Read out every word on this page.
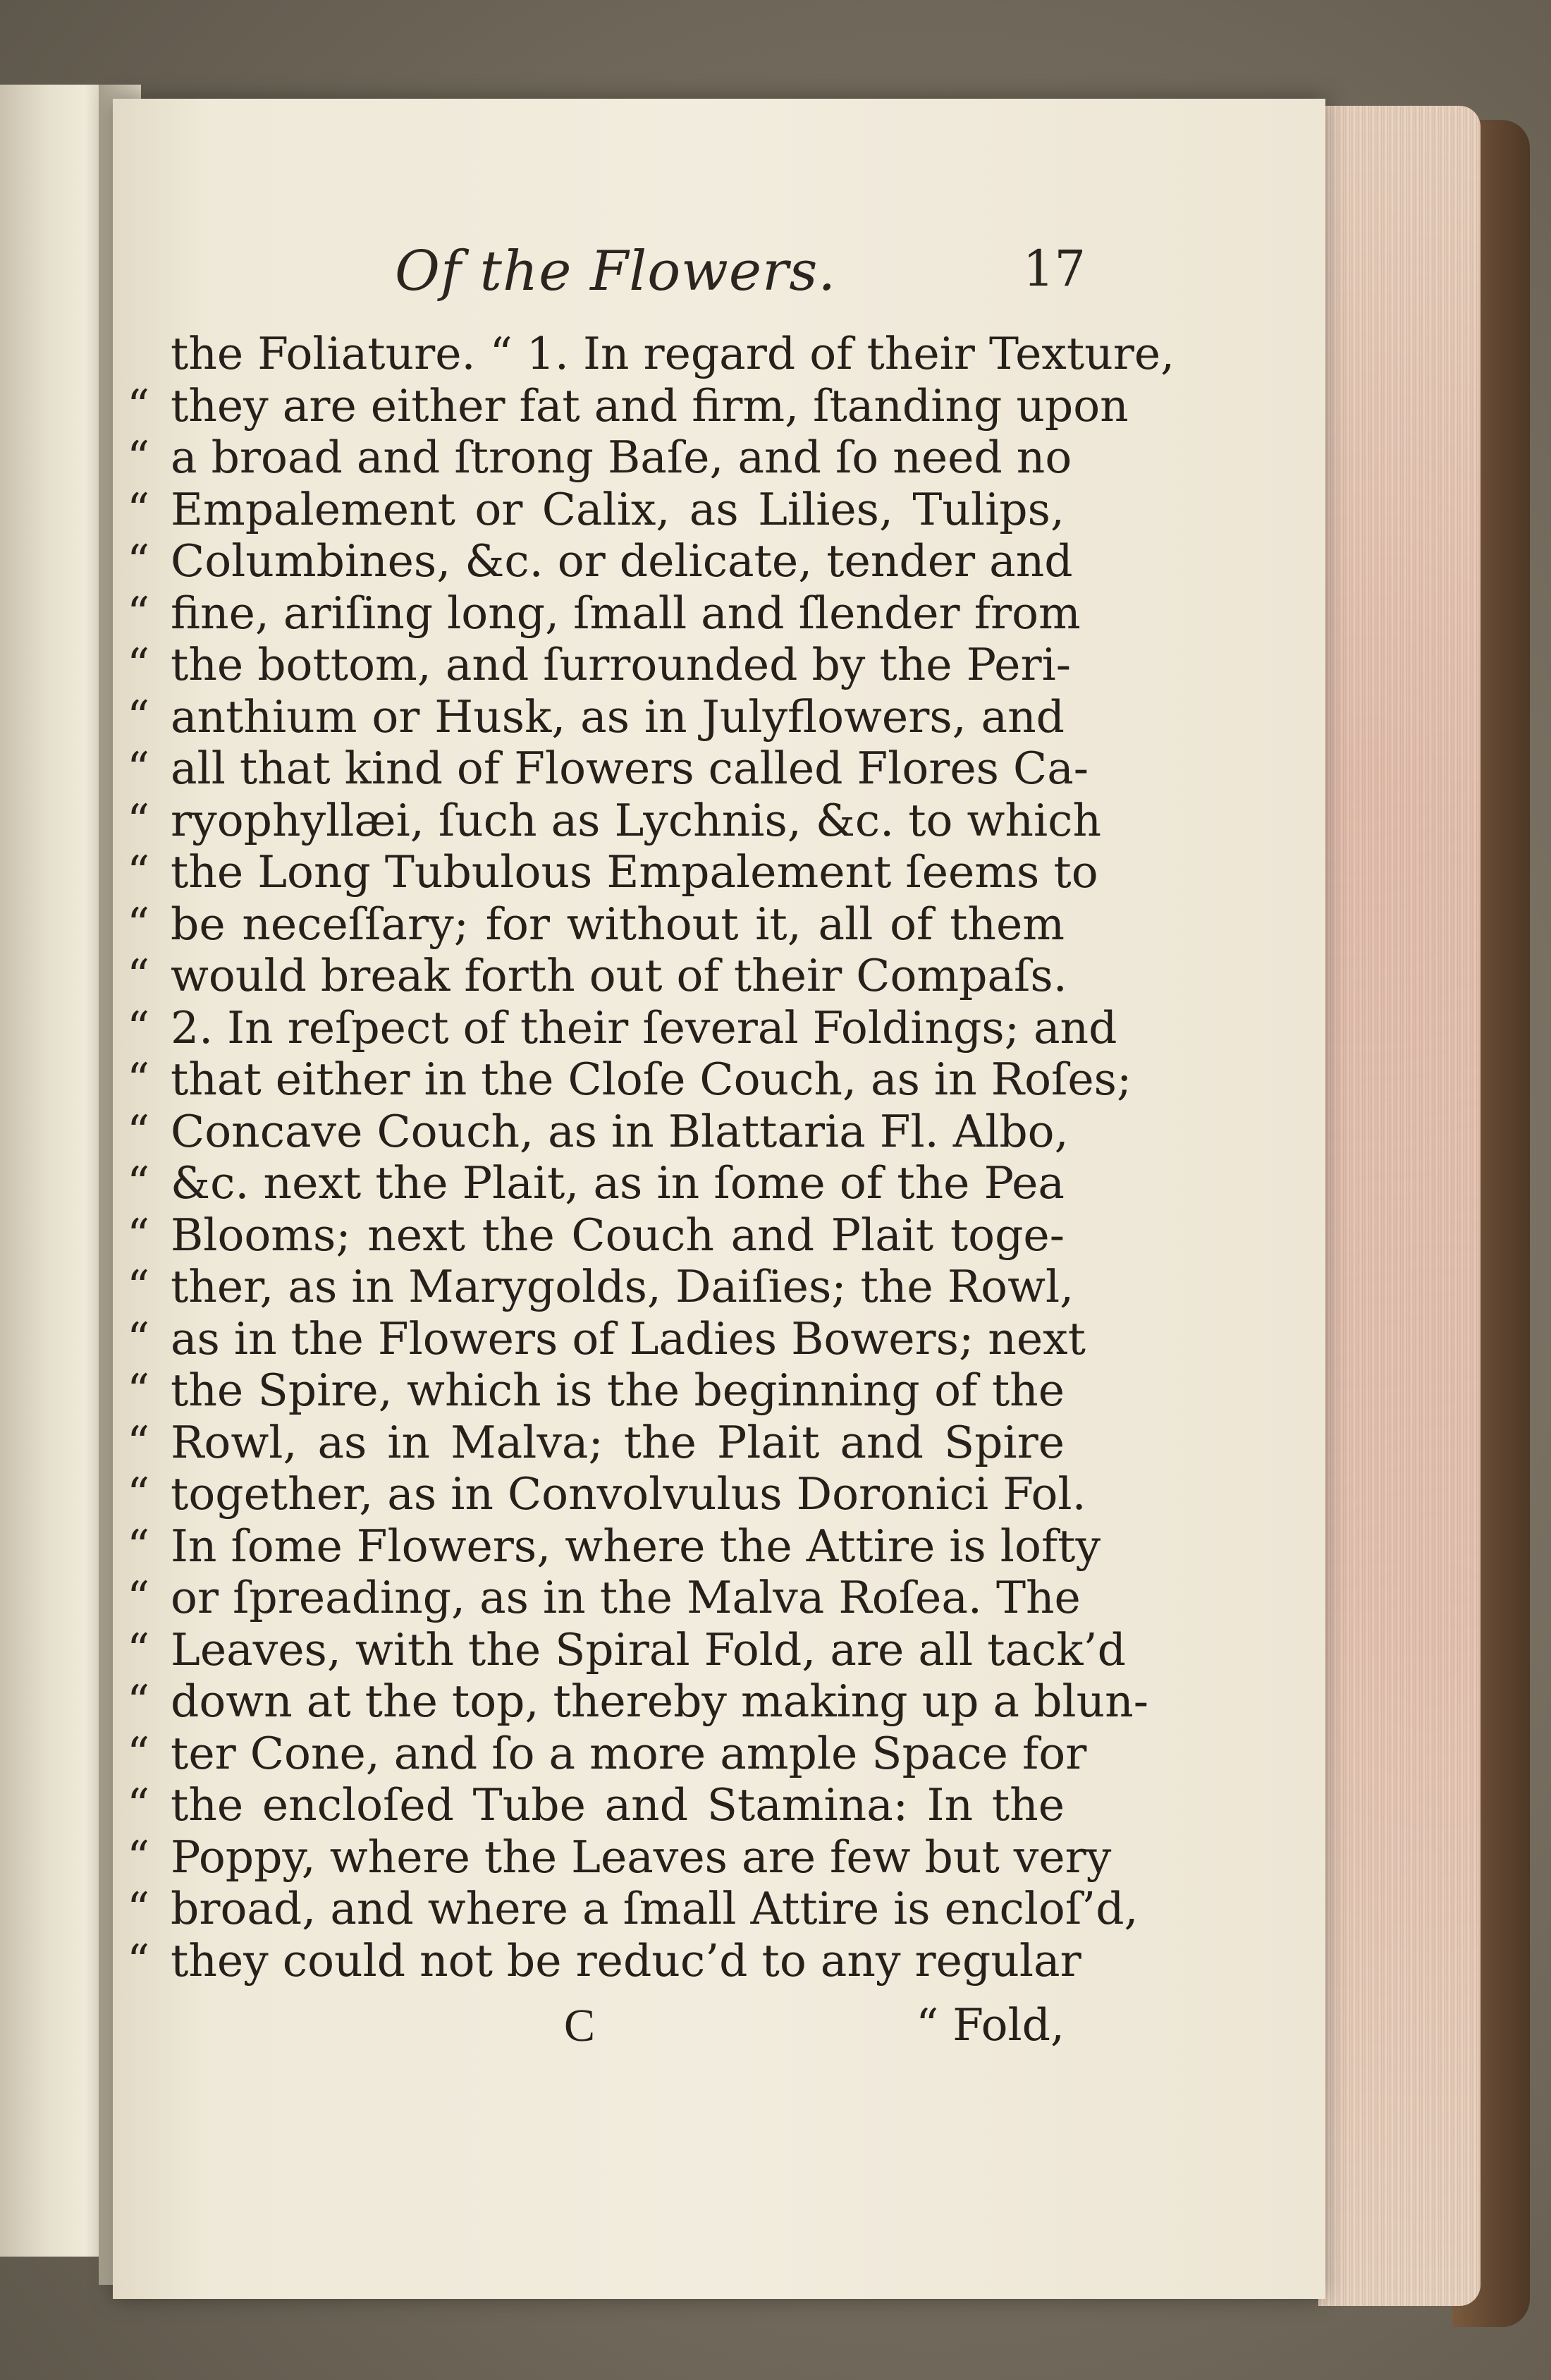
Of the Flowers.	17
the Foliature. “ 1. In regard of their Texture,
“ they are either fat and firm, ſtanding upon
“ a broad and ſtrong Baſe, and ſo need no
“ Empalement or Calix, as Lilies, Tulips,
“ Columbines, &c. or delicate, tender and
“ fine, ariſing long, ſmall and ſlender from
“ the bottom, and ſurrounded by the Peri-
“ anthium or Husk, as in Julyflowers, and
“ all that kind of Flowers called Flores Ca-
“ ryophyllæi, ſuch as Lychnis, &c. to which
“ the Long Tubulous Empalement ſeems to
“ be neceſſary; for without it, all of them
“ would break forth out of their Compaſs.
“ 2. In reſpect of their ſeveral Foldings; and
“ that either in the Cloſe Couch, as in Roſes;
“ Concave Couch, as in Blattaria Fl. Albo,
“ &c. next the Plait, as in ſome of the Pea
“ Blooms; next the Couch and Plait toge-
“ ther, as in Marygolds, Daiſies; the Rowl,
“ as in the Flowers of Ladies Bowers; next
“ the Spire, which is the beginning of the
“ Rowl, as in Malva; the Plait and Spire
“ together, as in Convolvulus Doronici Fol.
“ In ſome Flowers, where the Attire is lofty
“ or ſpreading, as in the Malva Roſea. The
“ Leaves, with the Spiral Fold, are all tack’d
“ down at the top, thereby making up a blun-
“ ter Cone, and ſo a more ample Space for
“ the encloſed Tube and Stamina: In the
“ Poppy, where the Leaves are few but very
“ broad, and where a ſmall Attire is encloſ’d,
“ they could not be reduc’d to any regular
C	“ Fold,
